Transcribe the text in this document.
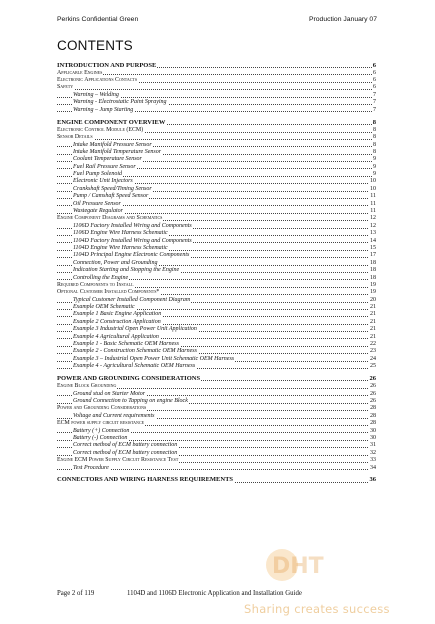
Perkins Confidential Green	Production January 07
CONTENTS
INTRODUCTION AND PURPOSE	6
Applicable Engines	6
Electronic Applications Contacts	6
Safety	6
Warning – Welding	7
Warning - Electrostatic Paint Spraying	7
Warning – Jump Starting	7
ENGINE COMPONENT OVERVIEW	8
Electronic Control Module (ECM)	8
Sensor Details	8
Intake Manifold Pressure Sensor	8
Intake Manifold Temperature Sensor	8
Coolant Temperature Sensor	9
Fuel Rail Pressure Sensor	9
Fuel Pump Solenoid	9
Electronic Unit Injectors	10
Crankshaft Speed/Timing Sensor	10
Pump / Camshaft Speed Sensor	11
Oil Pressure Sensor	11
Wastegate Regulator	11
Engine Component Diagrams and Schematics	12
1106D Factory Installed Wiring and Components	12
1106D Engine Wire Harness Schematic	13
1104D Factory Installed Wiring and Components	14
1104D Engine Wire Harness Schematic	15
1104D Principal Engine Electronic Components	17
Connection, Power and Grounding	18
Indication Starting and Stopping the Engine	18
Controlling the Engine	18
Required Components to Install	19
Optional Customer Installed Components*	19
Typical Customer Installed Component Diagram	20
Example OEM Schematic	21
Example 1 Basic Engine Application	21
Example 2 Construction Application	21
Example 3 Industrial Open Power Unit Application	21
Example 4 Agricultural Application	21
Example 1 - Basic Schematic OEM Harness	22
Example 2 - Construction Schematic OEM Harness	23
Example 3 – Industrial Open Power Unit Schematic OEM Harness	24
Example 4 - Agricultural Schematic OEM Harness	25
POWER AND GROUNDING CONSIDERATIONS	26
Engine Block Grounding	26
Ground stud on Starter Motor	26
Ground Connection to Tapping on engine Block	26
Power and Grounding Considerations	28
Voltage and Current requirements	28
ECM power supply circuit resistance	28
Battery (+) Connection	30
Battery (-) Connection	30
Correct method of ECM battery connection	31
Correct method of ECM battery connection	32
Engine ECM Power Supply Circuit Resistance Test	33
Test Procedure	34
CONNECTORS AND WIRING HARNESS REQUIREMENTS	36
Page 2 of 119	1104D and 1106D Electronic Application and Installation Guide
DHT
Sharing creates success
